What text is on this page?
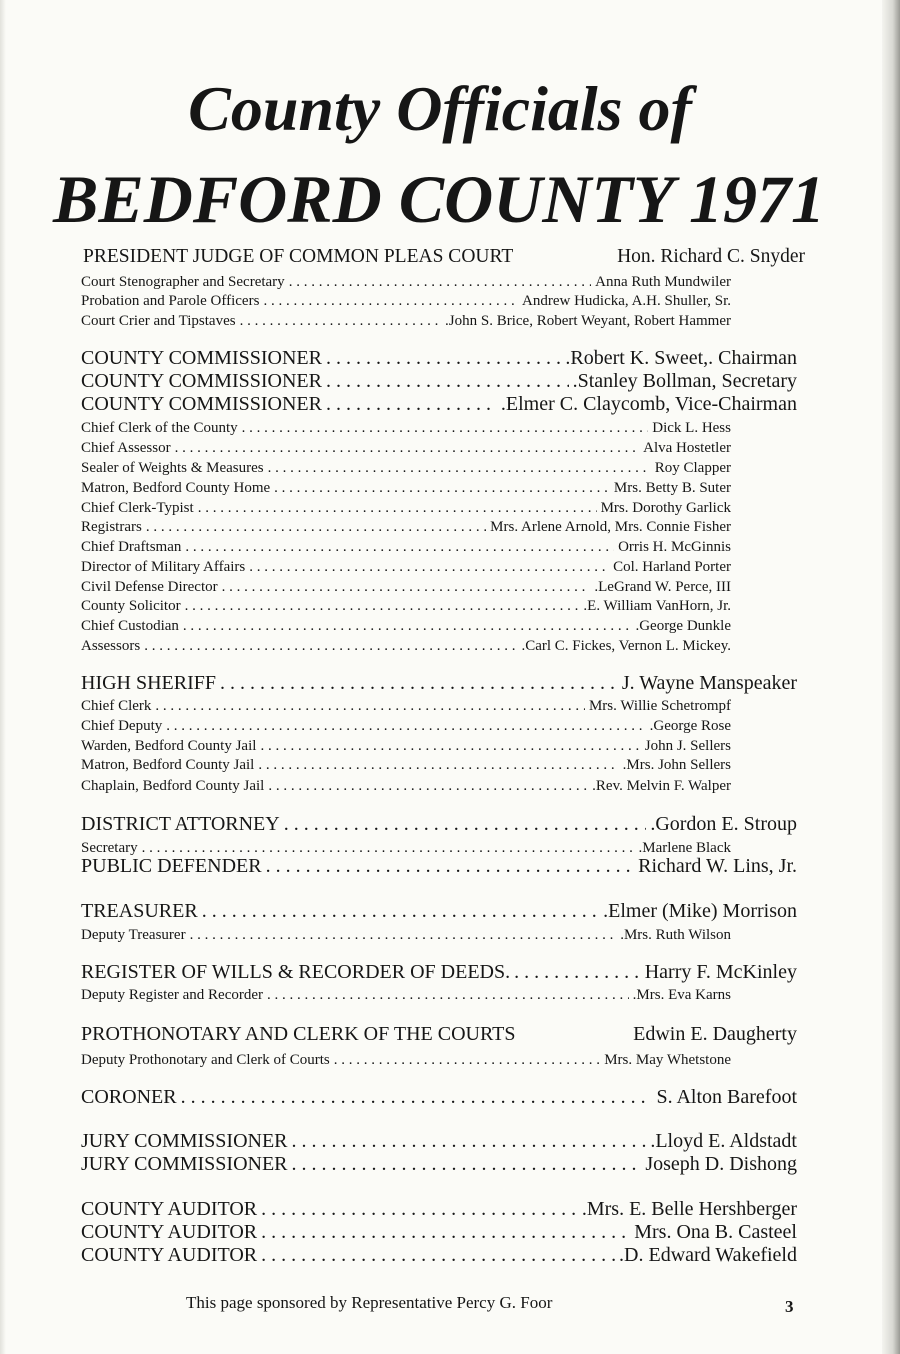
County Officials of
BEDFORD COUNTY 1971
PRESIDENT JUDGE OF COMMON PLEAS COURT	Hon. Richard C. Snyder
Court Stenographer and Secretary . . .	Anna Ruth Mundwiler
Probation and Parole Officers . . .	Andrew Hudicka, A.H. Shuller, Sr.
Court Crier and Tipstaves . . .	.John S. Brice, Robert Weyant, Robert Hammer
COUNTY COMMISSIONER . . .	.Robert K. Sweet,. Chairman
COUNTY COMMISSIONER . . .	.Stanley Bollman, Secretary
COUNTY COMMISSIONER . . .	.Elmer C. Claycomb, Vice-Chairman
Chief Clerk of the County . . .	Dick L. Hess
Chief Assessor . . .	Alva Hostetler
Sealer of Weights & Measures . . .	Roy Clapper
Matron, Bedford County Home . . .	Mrs. Betty B. Suter
Chief Clerk-Typist . . .	Mrs. Dorothy Garlick
Registrars . . .	Mrs. Arlene Arnold, Mrs. Connie Fisher
Chief Draftsman . . .	Orris H. McGinnis
Director of Military Affairs . . .	Col. Harland Porter
Civil Defense Director . . .	.LeGrand W. Perce, III
County Solicitor . . .	.E. William VanHorn, Jr.
Chief Custodian . . .	.George Dunkle
Assessors . . .	.Carl C. Fickes, Vernon L. Mickey.
HIGH SHERIFF . . .	J. Wayne Manspeaker
Chief Clerk . . .	Mrs. Willie Schetrompf
Chief Deputy . . .	.George Rose
Warden, Bedford County Jail . . .	John J. Sellers
Matron, Bedford County Jail . . .	.Mrs. John Sellers
Chaplain, Bedford County Jail . . .	.Rev. Melvin F. Walper
DISTRICT ATTORNEY . . .	.Gordon E. Stroup
Secretary . . .	.Marlene Black
PUBLIC DEFENDER . . .	Richard W. Lins, Jr.
TREASURER . . .	.Elmer (Mike) Morrison
Deputy Treasurer . . .	.Mrs. Ruth Wilson
REGISTER OF WILLS & RECORDER OF DEEDS. . . .	Harry F. McKinley
Deputy Register and Recorder . . .	.Mrs. Eva Karns
PROTHONOTARY AND CLERK OF THE COURTS	Edwin E. Daugherty
Deputy Prothonotary and Clerk of Courts . . .	Mrs. May Whetstone
CORONER . . .	S. Alton Barefoot
JURY COMMISSIONER . . .	.Lloyd E. Aldstadt
JURY COMMISSIONER . . .	Joseph D. Dishong
COUNTY AUDITOR . . .	.Mrs. E. Belle Hershberger
COUNTY AUDITOR . . .	Mrs. Ona B. Casteel
COUNTY AUDITOR . . .	.D. Edward Wakefield
This page sponsored by Representative Percy G. Foor	3
